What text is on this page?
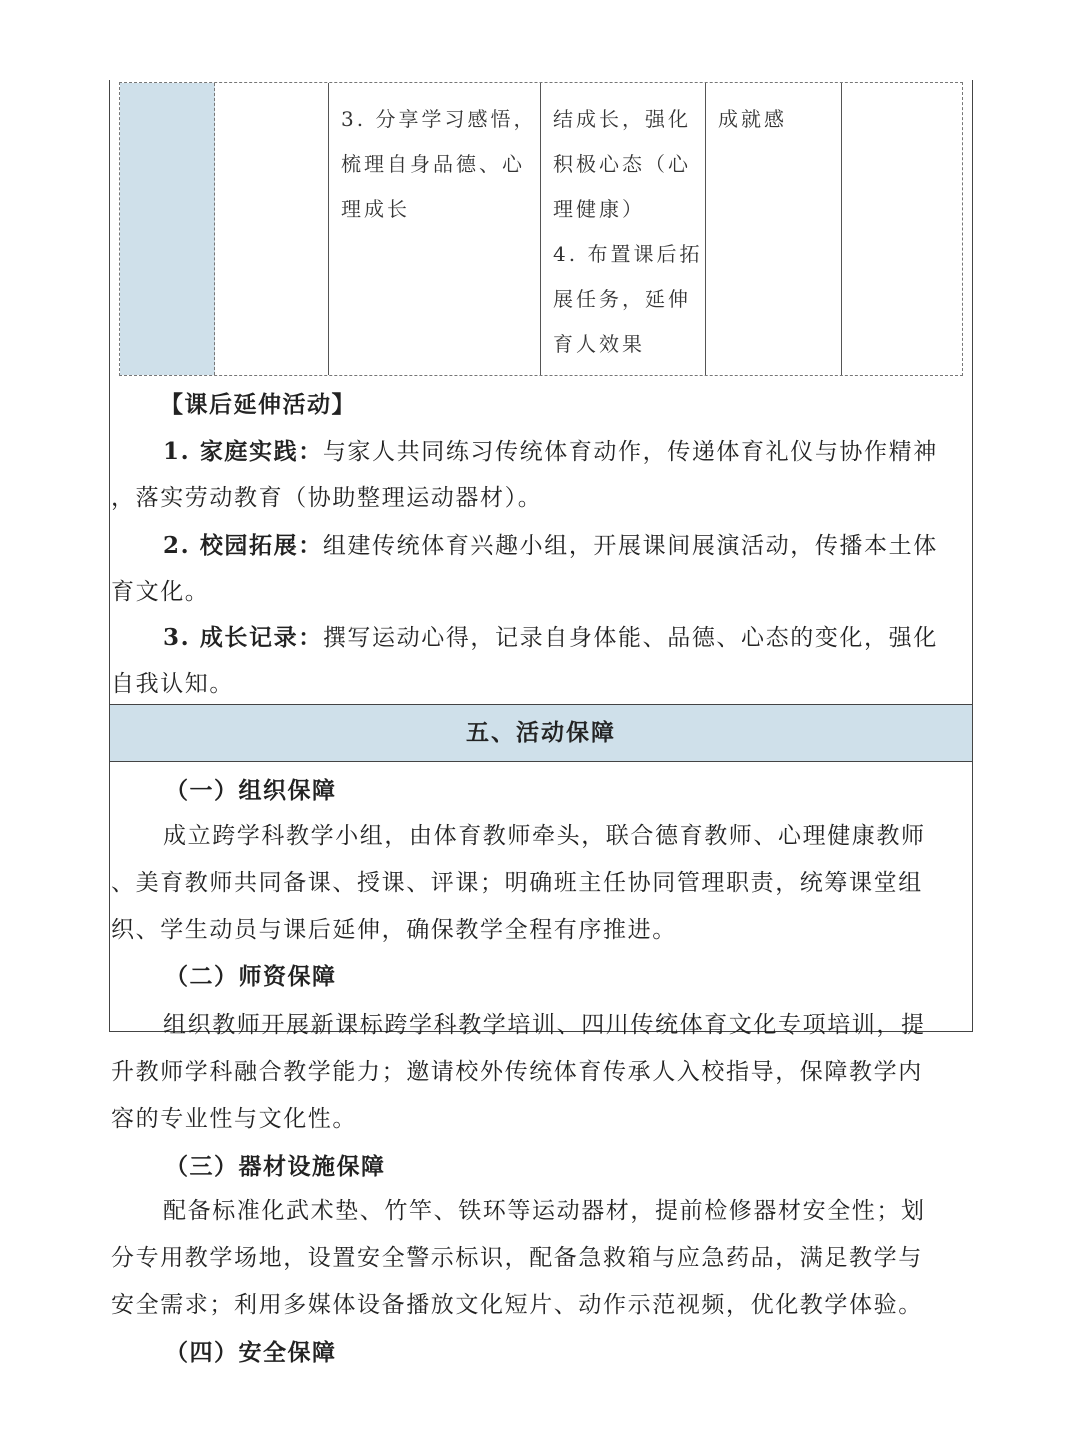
3. 分享学习感悟，
梳理自身品德、心
理成长
结成长，强化
积极心态（心
理健康）
4. 布置课后拓
展任务，延伸
育人效果
成就感
【课后延伸活动】
1. 家庭实践：与家人共同练习传统体育动作，传递体育礼仪与协作精神
，落实劳动教育（协助整理运动器材）。
2. 校园拓展：组建传统体育兴趣小组，开展课间展演活动，传播本土体
育文化。
3. 成长记录：撰写运动心得，记录自身体能、品德、心态的变化，强化
自我认知。
五、活动保障
（一）组织保障
成立跨学科教学小组，由体育教师牵头，联合德育教师、心理健康教师
、美育教师共同备课、授课、评课；明确班主任协同管理职责，统筹课堂组
织、学生动员与课后延伸，确保教学全程有序推进。
（二）师资保障
组织教师开展新课标跨学科教学培训、四川传统体育文化专项培训，提
升教师学科融合教学能力；邀请校外传统体育传承人入校指导，保障教学内
容的专业性与文化性。
（三）器材设施保障
配备标准化武术垫、竹竿、铁环等运动器材，提前检修器材安全性；划
分专用教学场地，设置安全警示标识，配备急救箱与应急药品，满足教学与
安全需求；利用多媒体设备播放文化短片、动作示范视频，优化教学体验。
（四）安全保障
